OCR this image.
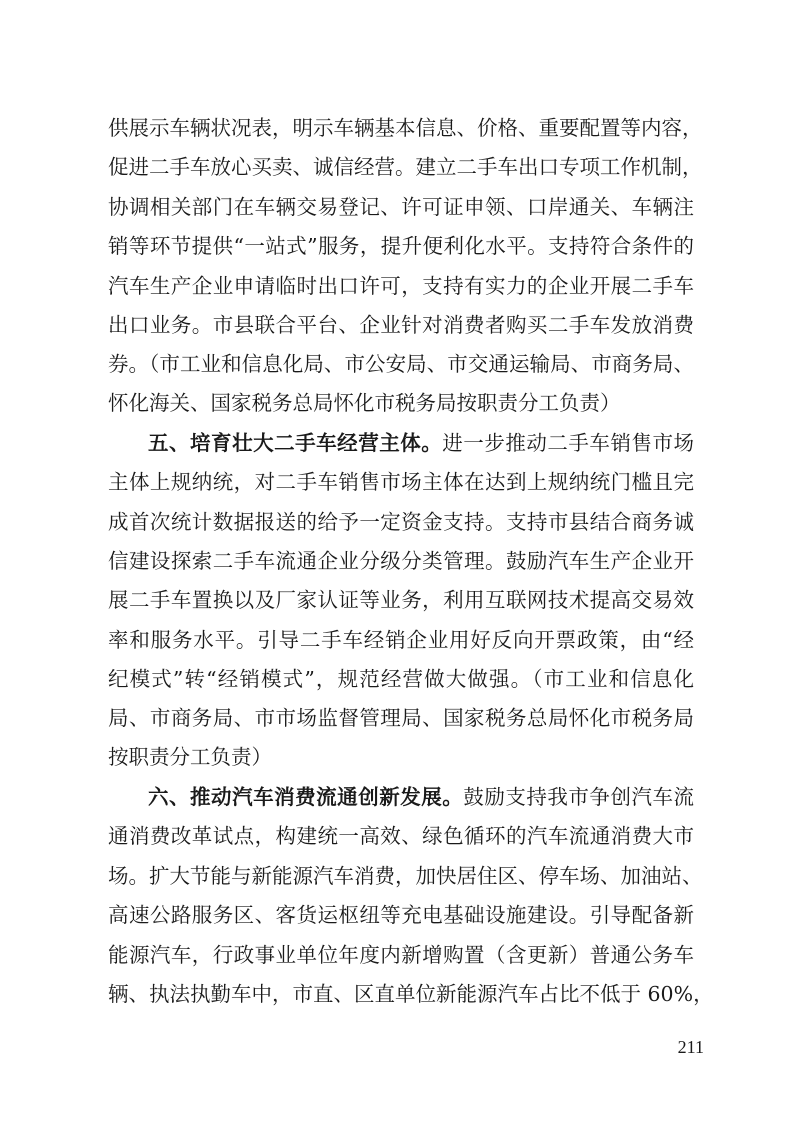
供展示车辆状况表，明示车辆基本信息、价格、重要配置等内容，
促进二手车放心买卖、诚信经营。建立二手车出口专项工作机制，
协调相关部门在车辆交易登记、许可证申领、口岸通关、车辆注
销等环节提供“一站式”服务，提升便利化水平。支持符合条件的
汽车生产企业申请临时出口许可，支持有实力的企业开展二手车
出口业务。市县联合平台、企业针对消费者购买二手车发放消费
券。（市工业和信息化局、市公安局、市交通运输局、市商务局、
怀化海关、国家税务总局怀化市税务局按职责分工负责）
五、培育壮大二手车经营主体。进一步推动二手车销售市场
主体上规纳统，对二手车销售市场主体在达到上规纳统门槛且完
成首次统计数据报送的给予一定资金支持。支持市县结合商务诚
信建设探索二手车流通企业分级分类管理。鼓励汽车生产企业开
展二手车置换以及厂家认证等业务，利用互联网技术提高交易效
率和服务水平。引导二手车经销企业用好反向开票政策，由“经
纪模式”转“经销模式”，规范经营做大做强。（市工业和信息化
局、市商务局、市市场监督管理局、国家税务总局怀化市税务局
按职责分工负责）
六、推动汽车消费流通创新发展。鼓励支持我市争创汽车流
通消费改革试点，构建统一高效、绿色循环的汽车流通消费大市
场。扩大节能与新能源汽车消费，加快居住区、停车场、加油站、
高速公路服务区、客货运枢纽等充电基础设施建设。引导配备新
能源汽车，行政事业单位年度内新增购置（含更新）普通公务车
辆、执法执勤车中，市直、区直单位新能源汽车占比不低于 60%，
211
